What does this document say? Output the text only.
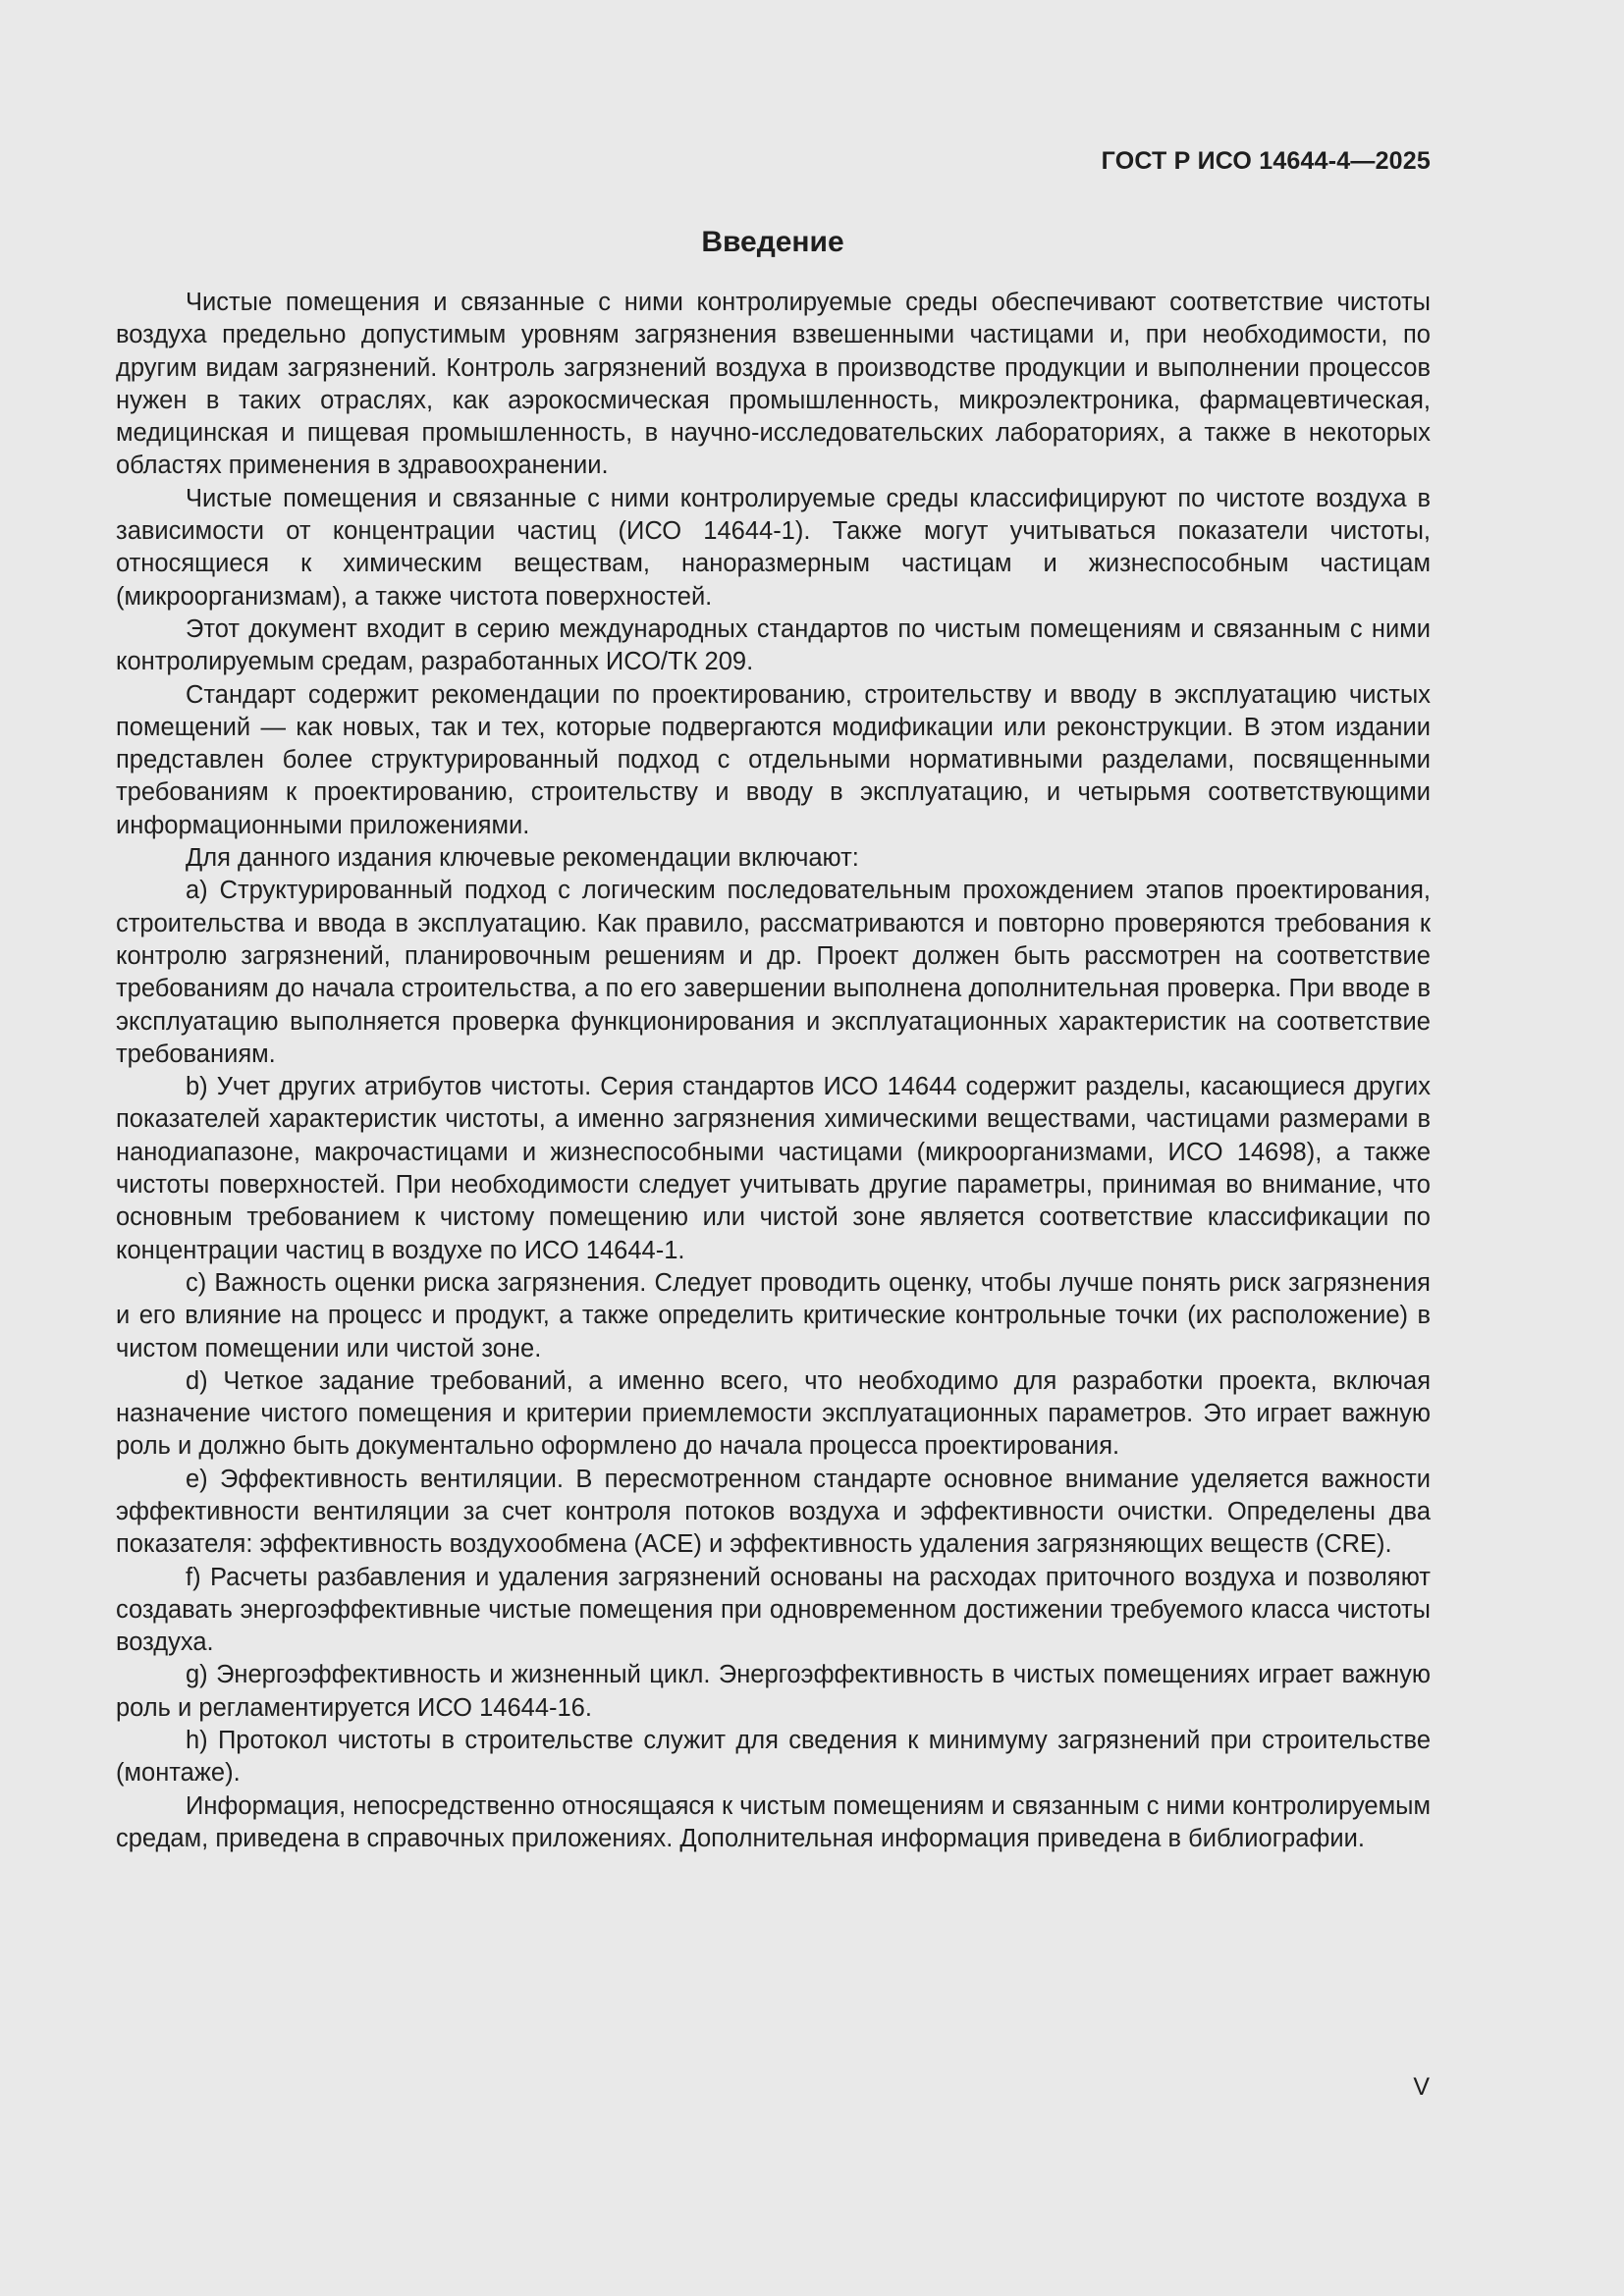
ГОСТ Р ИСО 14644-4—2025
Введение

Чистые помещения и связанные с ними контролируемые среды обеспечивают соответствие чистоты воздуха предельно допустимым уровням загрязнения взвешенными частицами и, при необходимости, по другим видам загрязнений. Контроль загрязнений воздуха в производстве продукции и выполнении процессов нужен в таких отраслях, как аэрокосмическая промышленность, микроэлектроника, фармацевтическая, медицинская и пищевая промышленность, в научно-исследовательских лабораториях, а также в некоторых областях применения в здравоохранении.

Чистые помещения и связанные с ними контролируемые среды классифицируют по чистоте воздуха в зависимости от концентрации частиц (ИСО 14644-1). Также могут учитываться показатели чистоты, относящиеся к химическим веществам, наноразмерным частицам и жизнеспособным частицам (микроорганизмам), а также чистота поверхностей.

Этот документ входит в серию международных стандартов по чистым помещениям и связанным с ними контролируемым средам, разработанных ИСО/ТК 209.

Стандарт содержит рекомендации по проектированию, строительству и вводу в эксплуатацию чистых помещений — как новых, так и тех, которые подвергаются модификации или реконструкции. В этом издании представлен более структурированный подход с отдельными нормативными разделами, посвященными требованиям к проектированию, строительству и вводу в эксплуатацию, и четырьмя соответствующими информационными приложениями.

Для данного издания ключевые рекомендации включают:

a) Структурированный подход с логическим последовательным прохождением этапов проектирования, строительства и ввода в эксплуатацию. Как правило, рассматриваются и повторно проверяются требования к контролю загрязнений, планировочным решениям и др. Проект должен быть рассмотрен на соответствие требованиям до начала строительства, а по его завершении выполнена дополнительная проверка. При вводе в эксплуатацию выполняется проверка функционирования и эксплуатационных характеристик на соответствие требованиям.

b) Учет других атрибутов чистоты. Серия стандартов ИСО 14644 содержит разделы, касающиеся других показателей характеристик чистоты, а именно загрязнения химическими веществами, частицами размерами в нанодиапазоне, макрочастицами и жизнеспособными частицами (микроорганизмами, ИСО 14698), а также чистоты поверхностей. При необходимости следует учитывать другие параметры, принимая во внимание, что основным требованием к чистому помещению или чистой зоне является соответствие классификации по концентрации частиц в воздухе по ИСО 14644-1.

c) Важность оценки риска загрязнения. Следует проводить оценку, чтобы лучше понять риск загрязнения и его влияние на процесс и продукт, а также определить критические контрольные точки (их расположение) в чистом помещении или чистой зоне.

d) Четкое задание требований, а именно всего, что необходимо для разработки проекта, включая назначение чистого помещения и критерии приемлемости эксплуатационных параметров. Это играет важную роль и должно быть документально оформлено до начала процесса проектирования.

e) Эффективность вентиляции. В пересмотренном стандарте основное внимание уделяется важности эффективности вентиляции за счет контроля потоков воздуха и эффективности очистки. Определены два показателя: эффективность воздухообмена (ACE) и эффективность удаления загрязняющих веществ (CRE).

f) Расчеты разбавления и удаления загрязнений основаны на расходах приточного воздуха и позволяют создавать энергоэффективные чистые помещения при одновременном достижении требуемого класса чистоты воздуха.

g) Энергоэффективность и жизненный цикл. Энергоэффективность в чистых помещениях играет важную роль и регламентируется ИСО 14644-16.

h) Протокол чистоты в строительстве служит для сведения к минимуму загрязнений при строительстве (монтаже).

Информация, непосредственно относящаяся к чистым помещениям и связанным с ними контролируемым средам, приведена в справочных приложениях. Дополнительная информация приведена в библиографии.

V
